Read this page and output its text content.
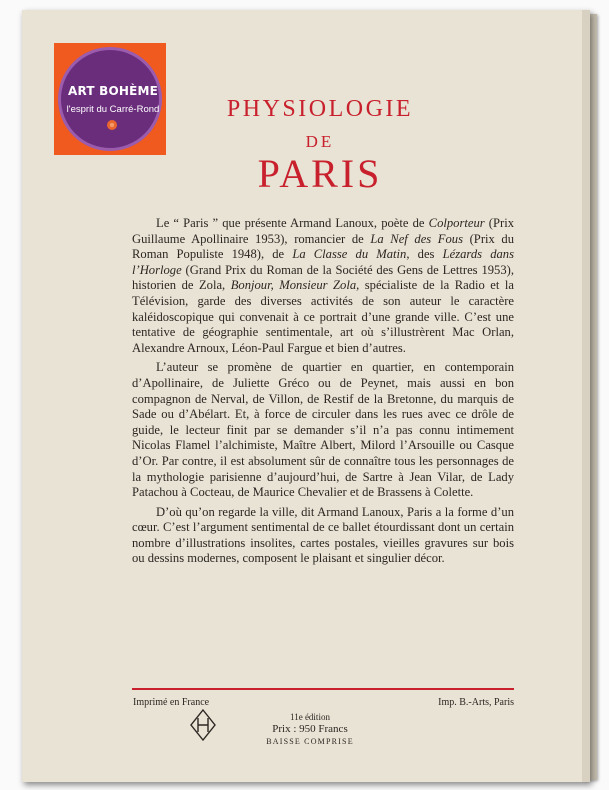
ART BOHÈME
l'esprit du Carré-Rond	PHYSIOLOGIE
DE
PARIS

Le “ Paris ” que présente Armand Lanoux, poète de Colporteur (Prix Guillaume Apollinaire 1953), romancier de La Nef des Fous (Prix du Roman Populiste 1948), de La Classe du Matin, des Lézards dans l’Horloge (Grand Prix du Roman de la Société des Gens de Lettres 1953), historien de Zola, Bonjour, Monsieur Zola, spécialiste de la Radio et la Télévision, garde des diverses activités de son auteur le caractère kaléidoscopique qui convenait à ce portrait d’une grande ville. C’est une tentative de géographie sentimentale, art où s’illustrèrent Mac Orlan, Alexandre Arnoux, Léon-Paul Fargue et bien d’autres.

L’auteur se promène de quartier en quartier, en contemporain d’Apollinaire, de Juliette Gréco ou de Peynet, mais aussi en bon compagnon de Nerval, de Villon, de Restif de la Bretonne, du marquis de Sade ou d’Abélart. Et, à force de circuler dans les rues avec ce drôle de guide, le lecteur finit par se demander s’il n’a pas connu intimement Nicolas Flamel l’alchimiste, Maître Albert, Milord l’Arsouille ou Casque d’Or. Par contre, il est absolument sûr de connaître tous les personnages de la mythologie parisienne d’aujourd’hui, de Sartre à Jean Vilar, de Lady Patachou à Cocteau, de Maurice Chevalier et de Brassens à Colette.

D’où qu’on regarde la ville, dit Armand Lanoux, Paris a la forme d’un cœur. C’est l’argument sentimental de ce ballet étourdissant dont un certain nombre d’illustrations insolites, cartes postales, vieilles gravures sur bois ou dessins modernes, composent le plaisant et singulier décor.

Imprimé en France	Imp. B.-Arts, Paris
11e édition
Prix : 950 Francs
BAISSE COMPRISE
